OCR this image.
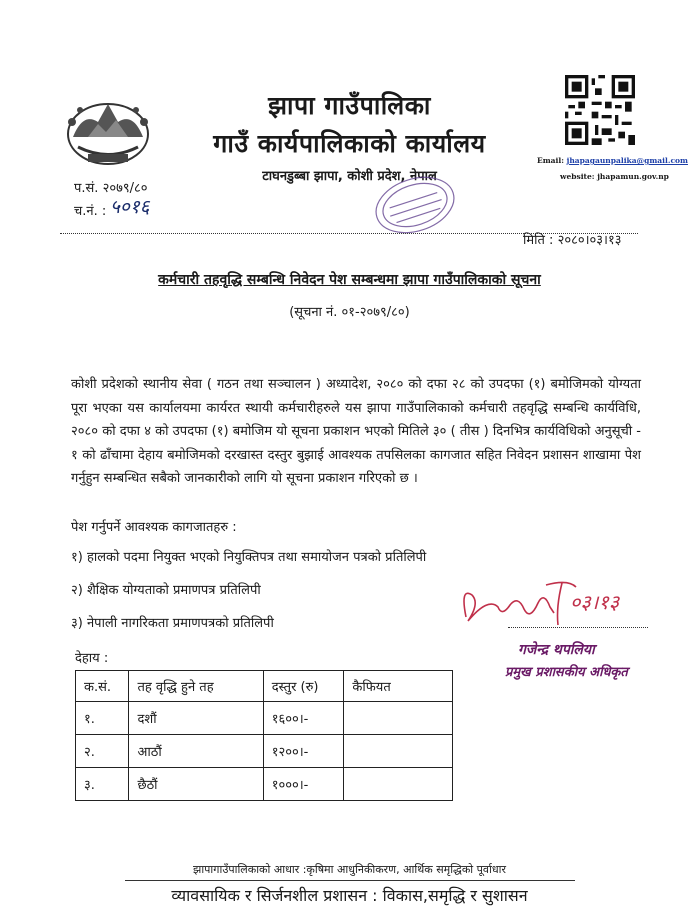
झापा गाउँपालिका
गाउँ कार्यपालिकाको कार्यालय
टाघनडुब्बा झापा, कोशी प्रदेश, नेपाल
Email: jhapagaunpalika@gmail.com
website: jhapamun.gov.np
प.सं. २०७९/८०
च.नं. : ५०१६
मिति : २०८०।०३।१३
कर्मचारी तहवृद्धि सम्बन्धि निवेदन पेश सम्बन्धमा झापा गाउँपालिकाको सूचना
(सूचना नं. ०१-२०७९/८०)
कोशी प्रदेशको स्थानीय सेवा ( गठन तथा सञ्चालन ) अध्यादेश, २०८० को दफा २८ को उपदफा (१) बमोजिमको योग्यता पूरा भएका यस कार्यालयमा कार्यरत स्थायी कर्मचारीहरुले यस झापा गाउँपालिकाको कर्मचारी तहवृद्धि सम्बन्धि कार्यविधि, २०८० को दफा ४ को उपदफा (१) बमोजिम यो सूचना प्रकाशन भएको मितिले ३० ( तीस ) दिनभित्र कार्यविधिको अनुसूची - १ को ढाँचामा देहाय बमोजिमको दरखास्त दस्तुर बुझाई आवश्यक तपसिलका कागजात सहित निवेदन प्रशासन शाखामा पेश गर्नुहुन सम्बन्धित सबैको जानकारीको लागि यो सूचना प्रकाशन गरिएको छ ।
पेश गर्नुपर्ने आवश्यक कागजातहरु :
१) हालको पदमा नियुक्त भएको नियुक्तिपत्र तथा समायोजन पत्रको प्रतिलिपी
२) शैक्षिक योग्यताको प्रमाणपत्र प्रतिलिपी
३) नेपाली नागरिकता प्रमाणपत्रको प्रतिलिपी
०३।१३
गजेन्द्र थपलिया
प्रमुख प्रशासकीय अधिकृत
देहाय :
क.सं.	तह वृद्धि हुने तह	दस्तुर (रु)	कैफियत
१.	दशौं	१६००।-	
२.	आठौं	१२००।-	
३.	छैठौं	१०००।-	
झापागाउँपालिकाको आधार :कृषिमा आधुनिकीकरण, आर्थिक समृद्धिको पूर्वाधार
व्यावसायिक र सिर्जनशील प्रशासन : विकास,समृद्धि र सुशासन
